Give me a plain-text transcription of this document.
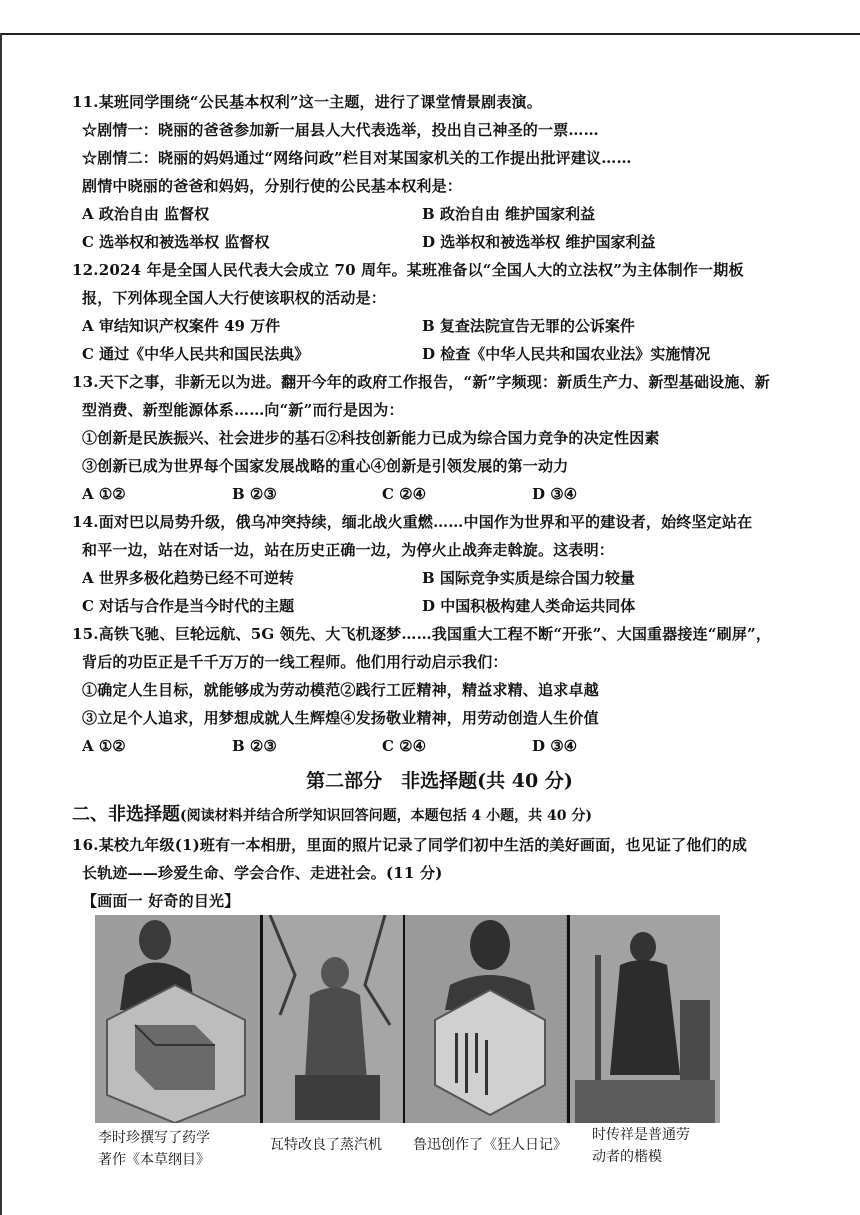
11.某班同学围绕“公民基本权利”这一主题，进行了课堂情景剧表演。
☆剧情一：晓丽的爸爸参加新一届县人大代表选举，投出自己神圣的一票……
☆剧情二：晓丽的妈妈通过“网络问政”栏目对某国家机关的工作提出批评建议……
剧情中晓丽的爸爸和妈妈，分别行使的公民基本权利是：
A 政治自由 监督权	B 政治自由 维护国家利益
C 选举权和被选举权 监督权	D 选举权和被选举权 维护国家利益
12.2024 年是全国人民代表大会成立 70 周年。某班准备以“全国人大的立法权”为主体制作一期板
报，下列体现全国人大行使该职权的活动是：
A 审结知识产权案件 49 万件	B 复查法院宣告无罪的公诉案件
C 通过《中华人民共和国民法典》	D 检查《中华人民共和国农业法》实施情况
13.天下之事，非新无以为进。翻开今年的政府工作报告，“新”字频现：新质生产力、新型基础设施、新
型消费、新型能源体系……向“新”而行是因为：
①创新是民族振兴、社会进步的基石②科技创新能力已成为综合国力竞争的决定性因素
③创新已成为世界每个国家发展战略的重心④创新是引领发展的第一动力
A ①②	B ②③	C ②④	D ③④
14.面对巴以局势升级，俄乌冲突持续，缅北战火重燃……中国作为世界和平的建设者，始终坚定站在
和平一边，站在对话一边，站在历史正确一边，为停火止战奔走斡旋。这表明：
A 世界多极化趋势已经不可逆转	B 国际竞争实质是综合国力较量
C 对话与合作是当今时代的主题	D 中国积极构建人类命运共同体
15.高铁飞驰、巨轮远航、5G 领先、大飞机逐梦……我国重大工程不断“开张”、大国重器接连“刷屏”，
背后的功臣正是千千万万的一线工程师。他们用行动启示我们：
①确定人生目标，就能够成为劳动模范②践行工匠精神，精益求精、追求卓越
③立足个人追求，用梦想成就人生辉煌④发扬敬业精神，用劳动创造人生价值
A ①②	B ②③	C ②④	D ③④
第二部分　非选择题(共 40 分)
二、非选择题(阅读材料并结合所学知识回答问题，本题包括 4 小题，共 40 分)
16.某校九年级(1)班有一本相册，里面的照片记录了同学们初中生活的美好画面，也见证了他们的成
长轨迹——珍爱生命、学会合作、走进社会。(11 分)
【画面一 好奇的目光】
李时珍撰写了药学
著作《本草纲目》
瓦特改良了蒸汽机 鲁迅创作了《狂人日记》
时传祥是普通劳
动者的楷模
